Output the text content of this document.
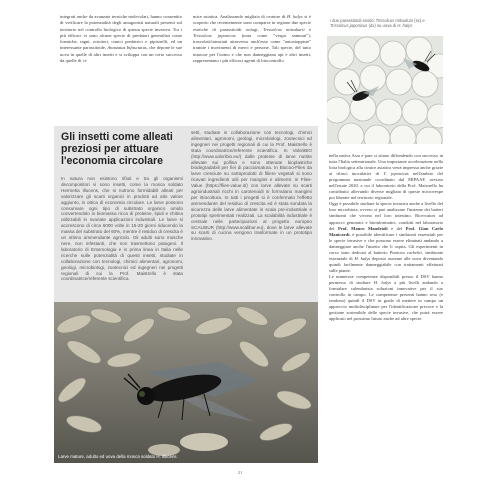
integrati anche da avanzate tecniche molecolari, hanno consentito di verificare la potenzialità degli antagonisti naturali presenti sul territorio nel controllo biologico di questa specie invasiva. Tra i più efficaci vi sono alcune specie di predatori generalisti come formiche, ragni, ortotteri, cimici predatrici e pipistrelli, ed un interessante parassitoide, Anastatus bifasciatus, che depone le sue uova in quelle di altri insetti e si sviluppa con un certo successo da quelle di ci-

mice asiatica. Analizzando migliaia di ovature di H. halys si è scoperto che recentemente sono comparse in regione due specie esotiche di parassitoidi oofagi, Trissolcus mitsukurii e Trissolcus japonicus (nota come "vespa samurai"), trasvolati/transitati attraverso anch'esse come "autostoppiste" tramite i movimenti di merci e persone. Tali specie, del tutto innocue per l'uomo e che non danneggiano api e altri insetti, rappresentano i più efficaci agenti di biocontrollo

Gli insetti come alleati preziosi per attuare l'economia circolare

In natura non esistono rifiuti e tra gli organismi decompositori vi sono insetti, come la mosca soldato Hermetia illucens, che si nutrono formidabili alleati per valorizzare gli scarti organici in prodotti ad alto valore aggiunto, in ottica di economia circolare. Le larve possono consumare ogni tipo di substrato organico umido convertendolo in biomassa ricca di proteine, lipidi e chitina utilizzabili in svariate applicazioni industriali. Le larve si accrescono di circa 6000 volte in 15-20 giorni riducendo la massa del substrato del 60%, mentre il residuo di crescita è un ottimo ammendante agricolo. Gli adulti sono mosche nere, non infestanti, che non trasmettono patogeni. Il laboratorio di Entomologia e in prima linea in Italia nelle ricerche sulle potenzialità di questi insetti, studiate in collaborazione con tecnologi, chimici alimentari, agronomi, geologi, microbiologi, zootecnici ed ingegneri nei progetti regionali di cui la Prof. Maistrello è stata coordinatrice/referente scientifica.

setti, studiate in collaborazione con tecnologi, chimici alimentari, agronomi, geologi, microbiologi, zootecnici ed ingegneri nei progetti regionali di cui la Prof. Maistrello è stata coordinatrice/referente scientifica. In ValoriBIO (http://www.valoribio.eu/) dalle proteine di larve nutrite allevate sui pollina e sono ottenute bioplastiche biodegradabili per fiei di pacciamatura. In Biocoo-Flies da larve cresciute su sottoprodotti di filiere vegetali si sono ricavati ingredienti utili per mangimi e alimenti. In Flies-Value (https://flies-value.it/) con larve allevate su scarti agroindustriali ricchi in carotenoidi si formulano mangimi per ittiocoltura. In tutti i progetti si è confermato l'effetto ammendante del residuo di crescita ed è stata sondata la sicurezza delle larve alimentate in scala pre-industriale e prototipi sperimentati realizzati. La scalabilità industriale è centrale nelle partecipazioni al progetto europeo SCALIBUR (http://www.scalibur.eu), dove le larve allevate su scarti di cucina vengono trasformate in un prototipo innovativo.

Larve mature, adulto ed uova della mosca soldato H. illucens

i due parassitoidi esotici Trissolcus mitsukurii (sx) e Trissolcus japonicus (dx) su uova di H. halys

nella nativa Asia e pare si stiano diffondendo con successo in tutta l'Italia settentrionale. Una importante accelerazione nella lotta biologica alla cimice asiatica verrà impressa anche grazie ai rilasci inoculativi di T. japonicus nell'ambito del programma nazionale coordinato dal MIPAAF, avviato nell'estate 2020, a cui il laboratorio della Prof. Maistrello ha contribuito allevando diverse migliaia di queste microvespe poi liberate nel territorio regionale.

Oggi è possibile studiare la specie invasiva anche a livello del loro microbiota, ovvero si può analizzare l'insieme dei batteri simbionti che vivono nel loro intestino. Ricercatori ad approcci genomici e bioinformatici, condotti nel laboratorio del Prof. Mauro Mandrioli e del Prof. Gian Carlo Manicardi, è possibile identificare i simbionti essenziali per le specie invasive e che possono essere eliminati andando a danneggiare anche l'insetto che li ospita. Gli esperimenti in corso sono dedicati al batterio Pantoea carbekii, simbionte essenziale di H. halys deposto assieme alle uova diventando quindi facilmente danneggiabile con trattamenti effettuati sulle piante.

Le numerose competenze disponibili presso il DSV hanno permesso di studiare H. halys a più livelli andando a formulare calendarista soluzioni innovative per il suo controllo in campo. Le competenze presenti hanno reso (e rendono) quindi il DSV in grado di mettere in campo un approccio multidisciplinare per l'identificazione precoce e la gestione sostenibile delle specie invasive, che potrà essere applicato nel prossimo futuro anche ad altre specie.

21
